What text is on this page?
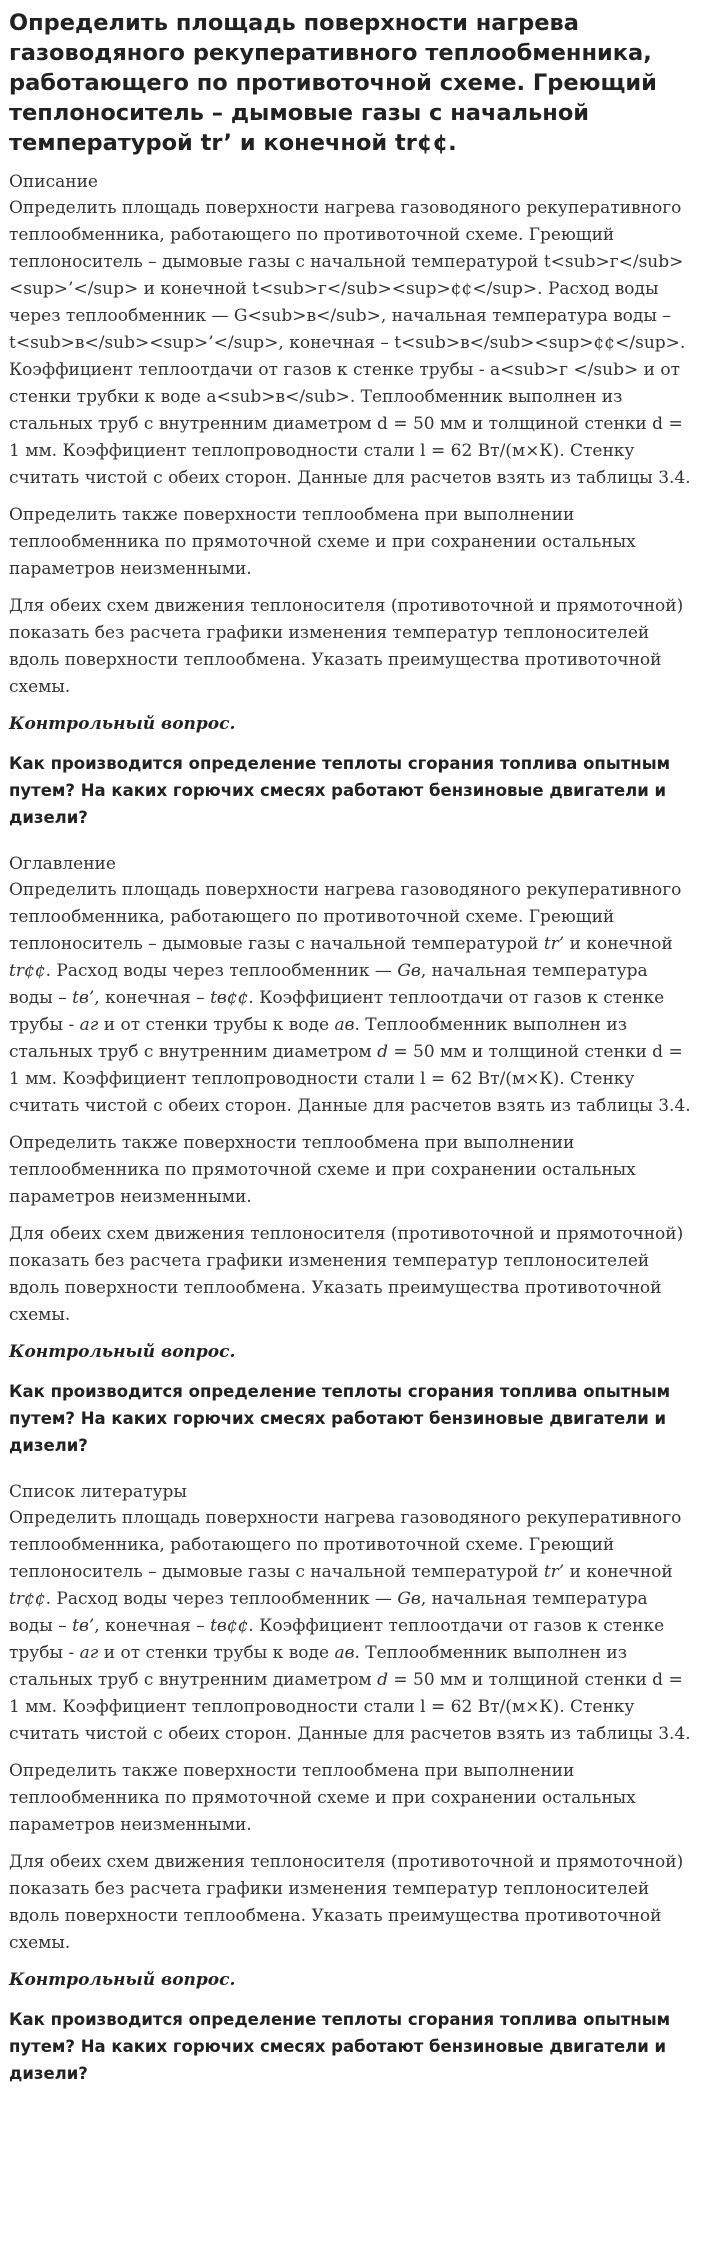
Определить площадь поверхности нагрева газоводяного рекуперативного теплообменника, работающего по противоточной схеме. Греющий теплоноситель – дымовые газы с начальной температурой tr’ и конечной tr¢¢.
Описание

Определить площадь поверхности нагрева газоводяного рекуперативного теплообменника, работающего по противоточной схеме. Греющий теплоноситель – дымовые газы с начальной температурой t<sub>г</sub><sup>’</sup> и конечной t<sub>г</sub><sup>¢¢</sup>. Расход воды через теплообменник — G<sub>в</sub>, начальная температура воды – t<sub>в</sub><sup>’</sup>, конечная – t<sub>в</sub><sup>¢¢</sup>. Коэффициент теплоотдачи от газов к стенке трубы - a<sub>г </sub> и от стенки трубки к воде a<sub>в</sub>. Теплообменник выполнен из стальных труб с внутренним диаметром d = 50 мм и толщиной стенки d = 1 мм. Коэффициент теплопроводности стали l = 62 Вт/(м×К). Стенку считать чистой с обеих сторон. Данные для расчетов взять из таблицы 3.4.

Определить также поверхности теплообмена при выполнении теплообменника по прямоточной схеме и при сохранении остальных параметров неизменными.

Для обеих схем движения теплоносителя (противоточной и прямоточной) показать без расчета графики изменения температур теплоносителей вдоль поверхности теплообмена. Указать преимущества противоточной схемы.

Контрольный вопрос.
Как производится определение теплоты сгорания топлива опытным путем? На каких горючих смесях работают бензиновые двигатели и дизели?
Оглавление

Определить площадь поверхности нагрева газоводяного рекуперативного теплообменника, работающего по противоточной схеме. Греющий теплоноситель – дымовые газы с начальной температурой tr’ и конечной tr¢¢. Расход воды через теплообменник — Gв, начальная температура воды – tв’, конечная – tв¢¢. Коэффициент теплоотдачи от газов к стенке трубы - aг и от стенки трубы к воде aв. Теплообменник выполнен из стальных труб с внутренним диаметром d = 50 мм и толщиной стенки d = 1 мм. Коэффициент теплопроводности стали l = 62 Вт/(м×К). Стенку считать чистой с обеих сторон. Данные для расчетов взять из таблицы 3.4.

Определить также поверхности теплообмена при выполнении теплообменника по прямоточной схеме и при сохранении остальных параметров неизменными.

Для обеих схем движения теплоносителя (противоточной и прямоточной) показать без расчета графики изменения температур теплоносителей вдоль поверхности теплообмена. Указать преимущества противоточной схемы.

Контрольный вопрос.
Как производится определение теплоты сгорания топлива опытным путем? На каких горючих смесях работают бензиновые двигатели и дизели?
Список литературы

Определить площадь поверхности нагрева газоводяного рекуперативного теплообменника, работающего по противоточной схеме. Греющий теплоноситель – дымовые газы с начальной температурой tr’ и конечной tr¢¢. Расход воды через теплообменник — Gв, начальная температура воды – tв’, конечная – tв¢¢. Коэффициент теплоотдачи от газов к стенке трубы - aг и от стенки трубы к воде aв. Теплообменник выполнен из стальных труб с внутренним диаметром d = 50 мм и толщиной стенки d = 1 мм. Коэффициент теплопроводности стали l = 62 Вт/(м×К). Стенку считать чистой с обеих сторон. Данные для расчетов взять из таблицы 3.4.

Определить также поверхности теплообмена при выполнении теплообменника по прямоточной схеме и при сохранении остальных параметров неизменными.

Для обеих схем движения теплоносителя (противоточной и прямоточной) показать без расчета графики изменения температур теплоносителей вдоль поверхности теплообмена. Указать преимущества противоточной схемы.

Контрольный вопрос.
Как производится определение теплоты сгорания топлива опытным путем? На каких горючих смесях работают бензиновые двигатели и дизели?
